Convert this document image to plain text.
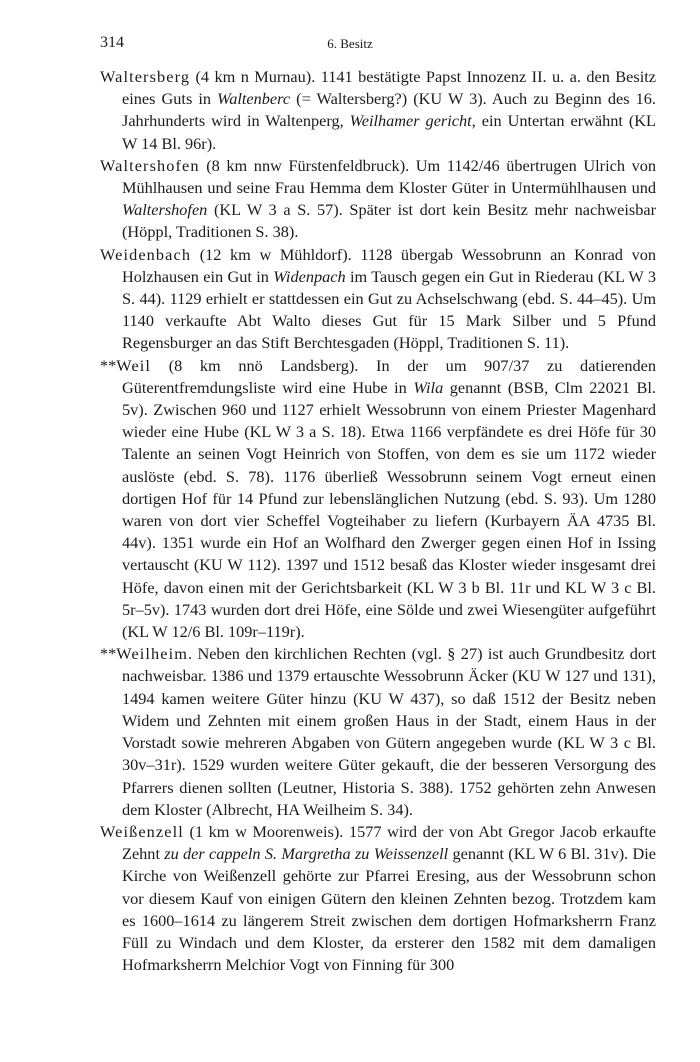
314	6. Besitz

Waltersberg (4 km n Murnau). 1141 bestätigte Papst Innozenz II. u. a. den Besitz eines Guts in Waltenberc (= Waltersberg?) (KU W 3). Auch zu Beginn des 16. Jahrhunderts wird in Waltenperg, Weilhamer gericht, ein Untertan erwähnt (KL W 14 Bl. 96r).

Waltershofen (8 km nnw Fürstenfeldbruck). Um 1142/46 übertrugen Ulrich von Mühlhausen und seine Frau Hemma dem Kloster Güter in Untermühlhausen und Waltershofen (KL W 3 a S. 57). Später ist dort kein Besitz mehr nachweisbar (Höppl, Traditionen S. 38).

Weidenbach (12 km w Mühldorf). 1128 übergab Wessobrunn an Konrad von Holzhausen ein Gut in Widenpach im Tausch gegen ein Gut in Riederau (KL W 3 S. 44). 1129 erhielt er stattdessen ein Gut zu Achselschwang (ebd. S. 44–45). Um 1140 verkaufte Abt Walto dieses Gut für 15 Mark Silber und 5 Pfund Regensburger an das Stift Berchtesgaden (Höppl, Traditionen S. 11).

**Weil (8 km nnö Landsberg). In der um 907/37 zu datierenden Güterentfremdungsliste wird eine Hube in Wila genannt (BSB, Clm 22021 Bl. 5v). Zwischen 960 und 1127 erhielt Wessobrunn von einem Priester Magenhard wieder eine Hube (KL W 3 a S. 18). Etwa 1166 verpfändete es drei Höfe für 30 Talente an seinen Vogt Heinrich von Stoffen, von dem es sie um 1172 wieder auslöste (ebd. S. 78). 1176 überließ Wessobrunn seinem Vogt erneut einen dortigen Hof für 14 Pfund zur lebenslänglichen Nutzung (ebd. S. 93). Um 1280 waren von dort vier Scheffel Vogteihaber zu liefern (Kurbayern ÄA 4735 Bl. 44v). 1351 wurde ein Hof an Wolfhard den Zwerger gegen einen Hof in Issing vertauscht (KU W 112). 1397 und 1512 besaß das Kloster wieder insgesamt drei Höfe, davon einen mit der Gerichtsbarkeit (KL W 3 b Bl. 11r und KL W 3 c Bl. 5r–5v). 1743 wurden dort drei Höfe, eine Sölde und zwei Wiesengüter aufgeführt (KL W 12/6 Bl. 109r–119r).

**Weilheim. Neben den kirchlichen Rechten (vgl. § 27) ist auch Grundbesitz dort nachweisbar. 1386 und 1379 ertauschte Wessobrunn Äcker (KU W 127 und 131), 1494 kamen weitere Güter hinzu (KU W 437), so daß 1512 der Besitz neben Widem und Zehnten mit einem großen Haus in der Stadt, einem Haus in der Vorstadt sowie mehreren Abgaben von Gütern angegeben wurde (KL W 3 c Bl. 30v–31r). 1529 wurden weitere Güter gekauft, die der besseren Versorgung des Pfarrers dienen sollten (Leutner, Historia S. 388). 1752 gehörten zehn Anwesen dem Kloster (Albrecht, HA Weilheim S. 34).

Weißenzell (1 km w Moorenweis). 1577 wird der von Abt Gregor Jacob erkaufte Zehnt zu der cappeln S. Margretha zu Weissenzell genannt (KL W 6 Bl. 31v). Die Kirche von Weißenzell gehörte zur Pfarrei Eresing, aus der Wessobrunn schon vor diesem Kauf von einigen Gütern den kleinen Zehnten bezog. Trotzdem kam es 1600–1614 zu längerem Streit zwischen dem dortigen Hofmarksherrn Franz Füll zu Windach und dem Kloster, da ersterer den 1582 mit dem damaligen Hofmarksherrn Melchior Vogt von Finning für 300
